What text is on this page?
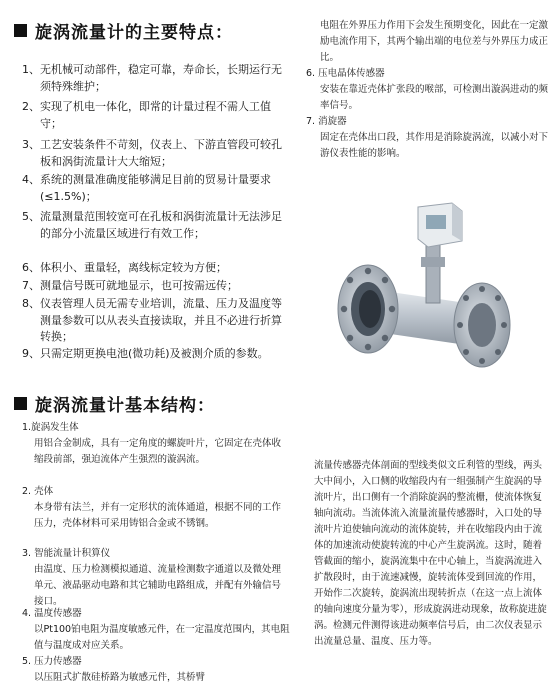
旋涡流量计的主要特点：
1、 无机械可动部件，稳定可靠，寿命长，长期运行无须特殊维护；
2、 实现了机电一体化，即常的计量过程不需人工值守；
3、 工艺安装条件不苛刻，仪表上、下游直管段可较孔板和涡街流量计大大缩短；
4、 系统的测量准确度能够满足目前的贸易计量要求(≤1.5%)；
5、 流量测量范围较宽可在孔板和涡街流量计无法涉足的部分小流量区域进行有效工作；
6、 体积小、重量轻，离线标定较为方便；
7、 测量信号既可就地显示，也可按需远传；
8、 仪表管理人员无需专业培训，流量、压力及温度等测量参数可以从表头直接读取，并且不必进行折算转换；
9、 只需定期更换电池(微功耗)及被测介质的参数。
旋涡流量计基本结构：
1.旋涡发生体
用铝合金制成，具有一定角度的螺旋叶片，它固定在壳体收缩段前部，强迫流体产生强烈的漩涡流。
2. 壳体
本身带有法兰，并有一定形状的流体通道，根据不同的工作压力，壳体材料可采用铸铝合金或不锈钢。
3. 智能流量计积算仪
由温度、压力检测模拟通道、流量检测数字通道以及微处理单元、液晶驱动电路和其它辅助电路组成，并配有外输信号接口。
4. 温度传感器
以Pt100铂电阻为温度敏感元件，在一定温度范围内，其电阻值与温度成对应关系。
5. 压力传感器
以压阻式扩散硅桥路为敏感元件，其桥臂
电阻在外界压力作用下会发生预期变化，因此在一定激励电流作用下，其两个输出端的电位差与外界压力成正比。
6. 压电晶体传感器
安装在靠近壳体扩张段的喉部，可检测出漩涡进动的频率信号。
7. 消旋器
固定在壳体出口段，其作用是消除旋涡流，以减小对下游仪表性能的影响。
流量传感器壳体剖面的型线类似文丘利管的型线，两头大中间小，入口侧的收缩段内有一组强制产生旋涡的导流叶片，出口侧有一个消除旋涡的整流栅，使流体恢复轴向流动。当流体流入流量流量传感器时，入口处的导流叶片迫使轴向流动的流体旋转，并在收缩段内由于流体的加速流动使旋转流的中心产生旋涡流。这时，随着管截面的缩小，旋涡流集中在中心轴上，当旋涡流进入扩散段时，由于流速减慢，旋转流体受到回流的作用，开始作二次旋转，旋涡流出现转折点（在这一点上流体的轴向速度分量为零），形成旋涡进动现象，故称旋进旋涡。检测元件测得该进动频率信号后，由二次仪表显示出流量总量、温度、压力等。
